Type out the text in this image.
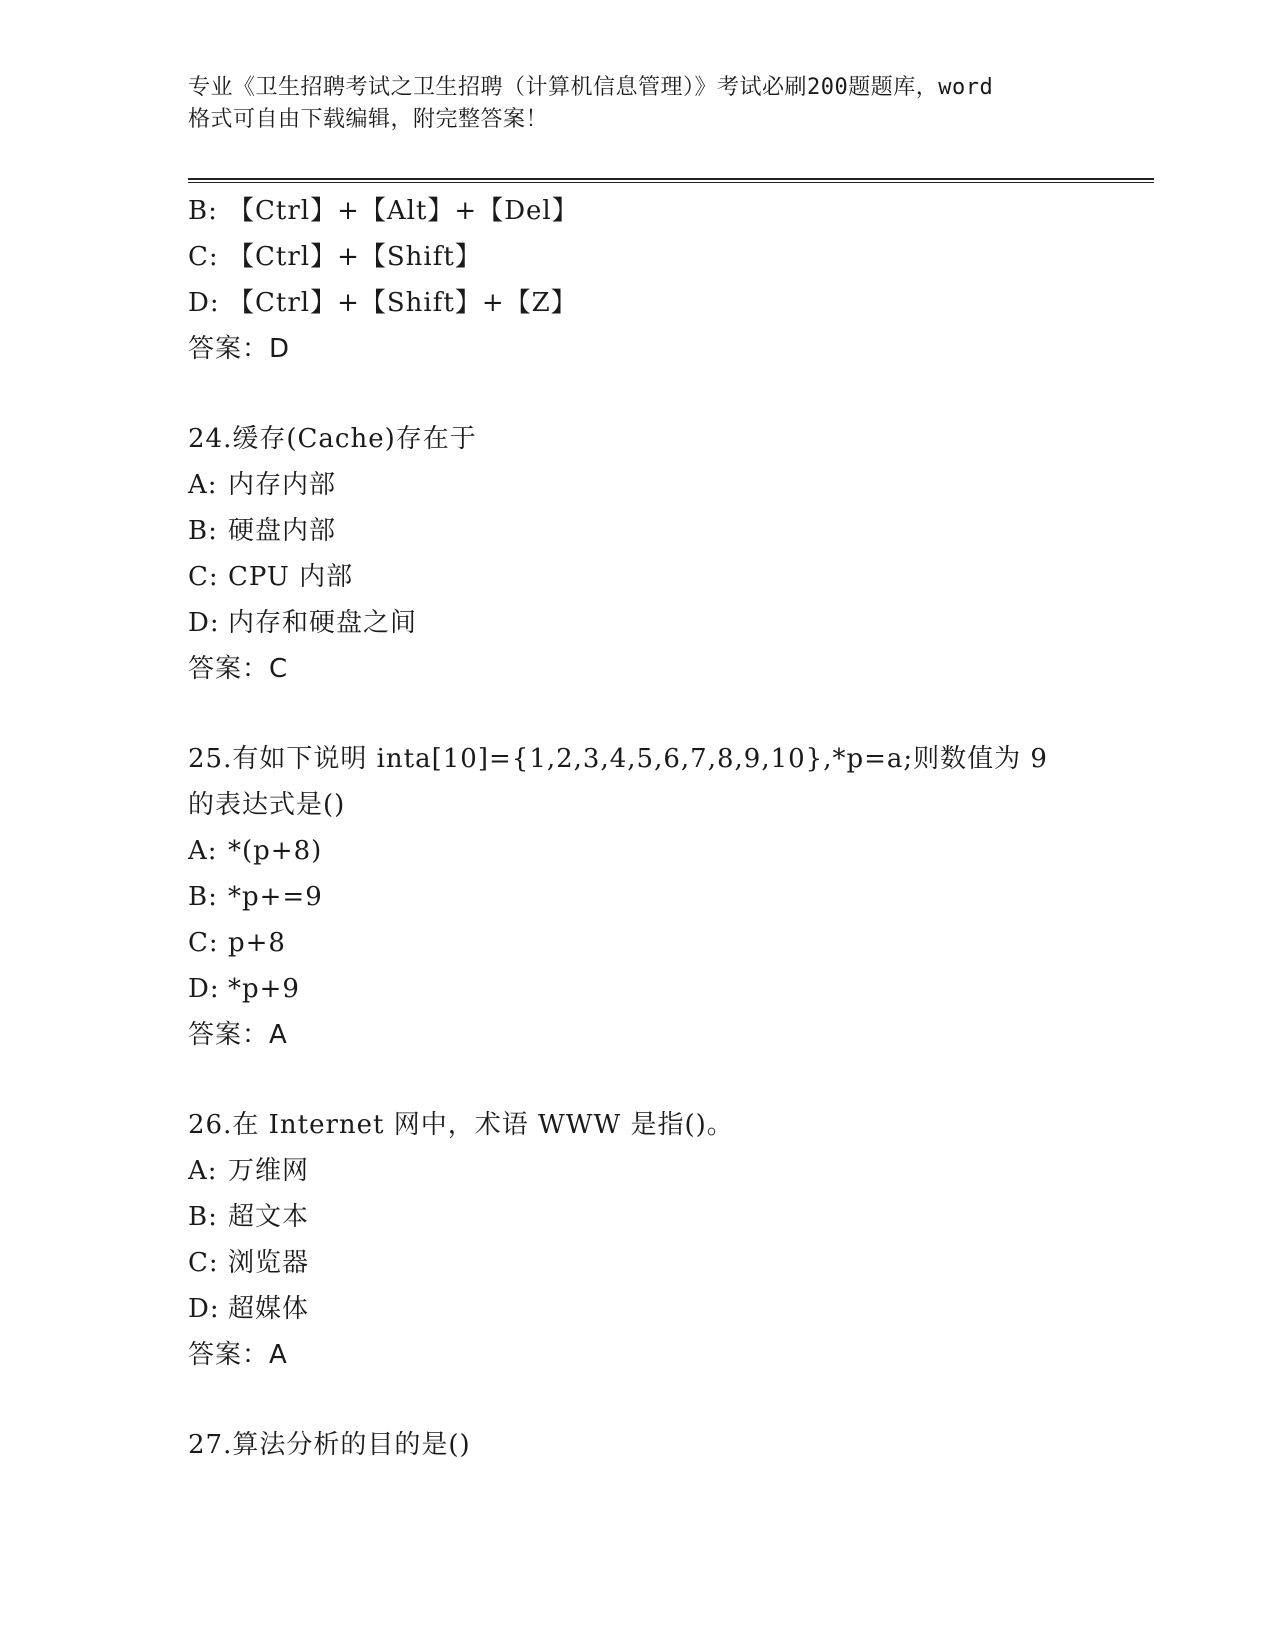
专业《卫生招聘考试之卫生招聘（计算机信息管理）》考试必刷200题题库，word
格式可自由下载编辑，附完整答案！
B: 【Ctrl】+【Alt】+【Del】
C: 【Ctrl】+【Shift】
D: 【Ctrl】+【Shift】+【Z】
答案：D
24.缓存(Cache)存在于
A: 内存内部
B: 硬盘内部
C: CPU 内部
D: 内存和硬盘之间
答案：C
25.有如下说明 inta[10]={1,2,3,4,5,6,7,8,9,10},*p=a;则数值为 9
的表达式是()
A: *(p+8)
B: *p+=9
C: p+8
D: *p+9
答案：A
26.在 Internet 网中，术语 WWW 是指()。
A: 万维网
B: 超文本
C: 浏览器
D: 超媒体
答案：A
27.算法分析的目的是()
